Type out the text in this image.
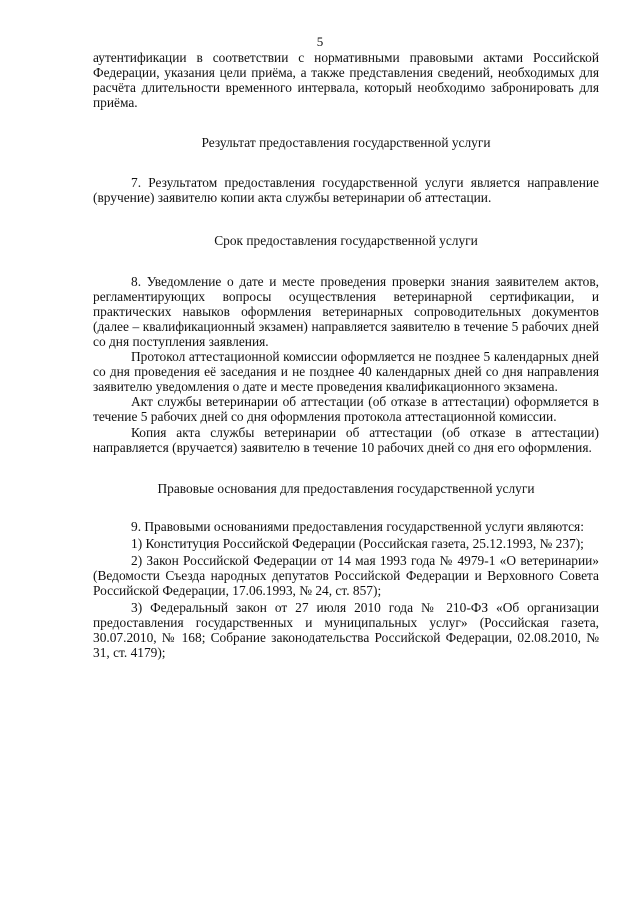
5

аутентификации в соответствии с нормативными правовыми актами Российской Федерации, указания цели приёма, а также представления сведений, необходимых для расчёта длительности временного интервала, который необходимо забронировать для приёма.

Результат предоставления государственной услуги

7. Результатом предоставления государственной услуги является направление (вручение) заявителю копии акта службы ветеринарии об аттестации.

Срок предоставления государственной услуги

8. Уведомление о дате и месте проведения проверки знания заявителем актов, регламентирующих вопросы осуществления ветеринарной сертификации, и практических навыков оформления ветеринарных сопроводительных документов (далее – квалификационный экзамен) направляется заявителю в течение 5 рабочих дней со дня поступления заявления.

Протокол аттестационной комиссии оформляется не позднее 5 календарных дней со дня проведения её заседания и не позднее 40 календарных дней со дня направления заявителю уведомления о дате и месте проведения квалификационного экзамена.

Акт службы ветеринарии об аттестации (об отказе в аттестации) оформляется в течение 5 рабочих дней со дня оформления протокола аттестационной комиссии.

Копия акта службы ветеринарии об аттестации (об отказе в аттестации) направляется (вручается) заявителю в течение 10 рабочих дней со дня его оформления.

Правовые основания для предоставления государственной услуги

9. Правовыми основаниями предоставления государственной услуги являются:

1) Конституция Российской Федерации (Российская газета, 25.12.1993, № 237);

2) Закон Российской Федерации от 14 мая 1993 года № 4979-1 «О ветеринарии» (Ведомости Съезда народных депутатов Российской Федерации и Верховного Совета Российской Федерации, 17.06.1993, № 24, ст. 857);

3) Федеральный закон от 27 июля 2010 года № 210-ФЗ «Об организации предоставления государственных и муниципальных услуг» (Российская газета, 30.07.2010, № 168; Собрание законодательства Российской Федерации, 02.08.2010, № 31, ст. 4179);
